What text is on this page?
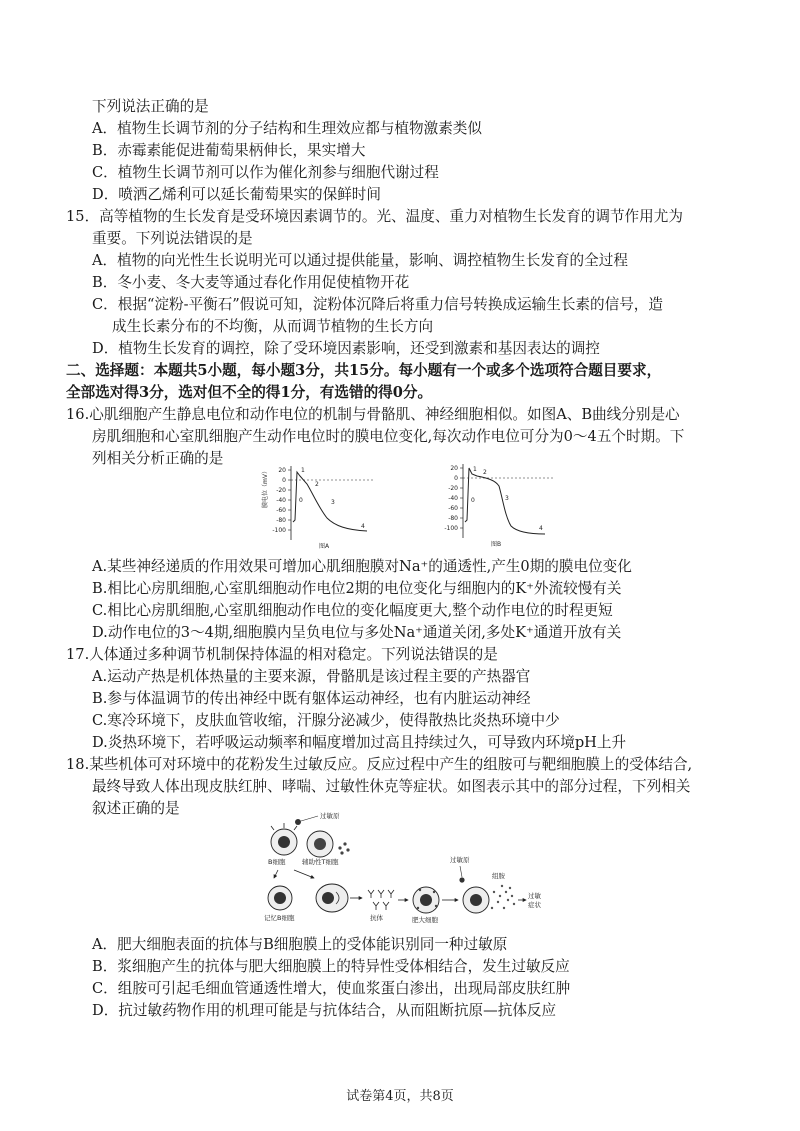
下列说法正确的是
A．植物生长调节剂的分子结构和生理效应都与植物激素类似
B．赤霉素能促进葡萄果柄伸长，果实增大
C．植物生长调节剂可以作为催化剂参与细胞代谢过程
D．喷洒乙烯利可以延长葡萄果实的保鲜时间
15．高等植物的生长发育是受环境因素调节的。光、温度、重力对植物生长发育的调节作用尤为
重要。下列说法错误的是
A．植物的向光性生长说明光可以通过提供能量，影响、调控植物生长发育的全过程
B．冬小麦、冬大麦等通过春化作用促使植物开花
C．根据“淀粉-平衡石”假说可知，淀粉体沉降后将重力信号转换成运输生长素的信号，造
成生长素分布的不均衡，从而调节植物的生长方向
D．植物生长发育的调控，除了受环境因素影响，还受到激素和基因表达的调控
二、选择题：本题共5小题，每小题3分，共15分。每小题有一个或多个选项符合题目要求，
全部选对得3分，选对但不全的得1分，有选错的得0分。
16.心肌细胞产生静息电位和动作电位的机制与骨骼肌、神经细胞相似。如图A、B曲线分别是心
房肌细胞和心室肌细胞产生动作电位时的膜电位变化,每次动作电位可分为0～4五个时期。下
列相关分析正确的是
膜电位（mV） 20
0
-20
-40
-60
-80
-100
0
1
2
3
4
图A
20
0
-20
-40
-60
-80
-100
0
1 2
3
4
图B
A.某些神经递质的作用效果可增加心肌细胞膜对Na⁺的通透性,产生0期的膜电位变化
B.相比心房肌细胞,心室肌细胞动作电位2期的电位变化与细胞内的K⁺外流较慢有关
C.相比心房肌细胞,心室肌细胞动作电位的变化幅度更大,整个动作电位的时程更短
D.动作电位的3～4期,细胞膜内呈负电位与多处Na⁺通道关闭,多处K⁺通道开放有关
17.人体通过多种调节机制保持体温的相对稳定。下列说法错误的是
A.运动产热是机体热量的主要来源，骨骼肌是该过程主要的产热器官
B.参与体温调节的传出神经中既有躯体运动神经，也有内脏运动神经
C.寒冷环境下，皮肤血管收缩，汗腺分泌减少，使得散热比炎热环境中少
D.炎热环境下，若呼吸运动频率和幅度增加过高且持续过久，可导致内环境pH上升
18.某些机体可对环境中的花粉发生过敏反应。反应过程中产生的组胺可与靶细胞膜上的受体结合,
最终导致人体出现皮肤红肿、哮喘、过敏性休克等症状。如图表示其中的部分过程，下列相关
叙述正确的是	过敏原
B细胞	辅助性T细胞
记忆B细胞	抗体	肥大细胞
过敏原
组胺
过敏
症状
A．肥大细胞表面的抗体与B细胞膜上的受体能识别同一种过敏原
B．浆细胞产生的抗体与肥大细胞膜上的特异性受体相结合，发生过敏反应
C．组胺可引起毛细血管通透性增大，使血浆蛋白渗出，出现局部皮肤红肿
D．抗过敏药物作用的机理可能是与抗体结合，从而阻断抗原—抗体反应
试卷第4页，共8页
